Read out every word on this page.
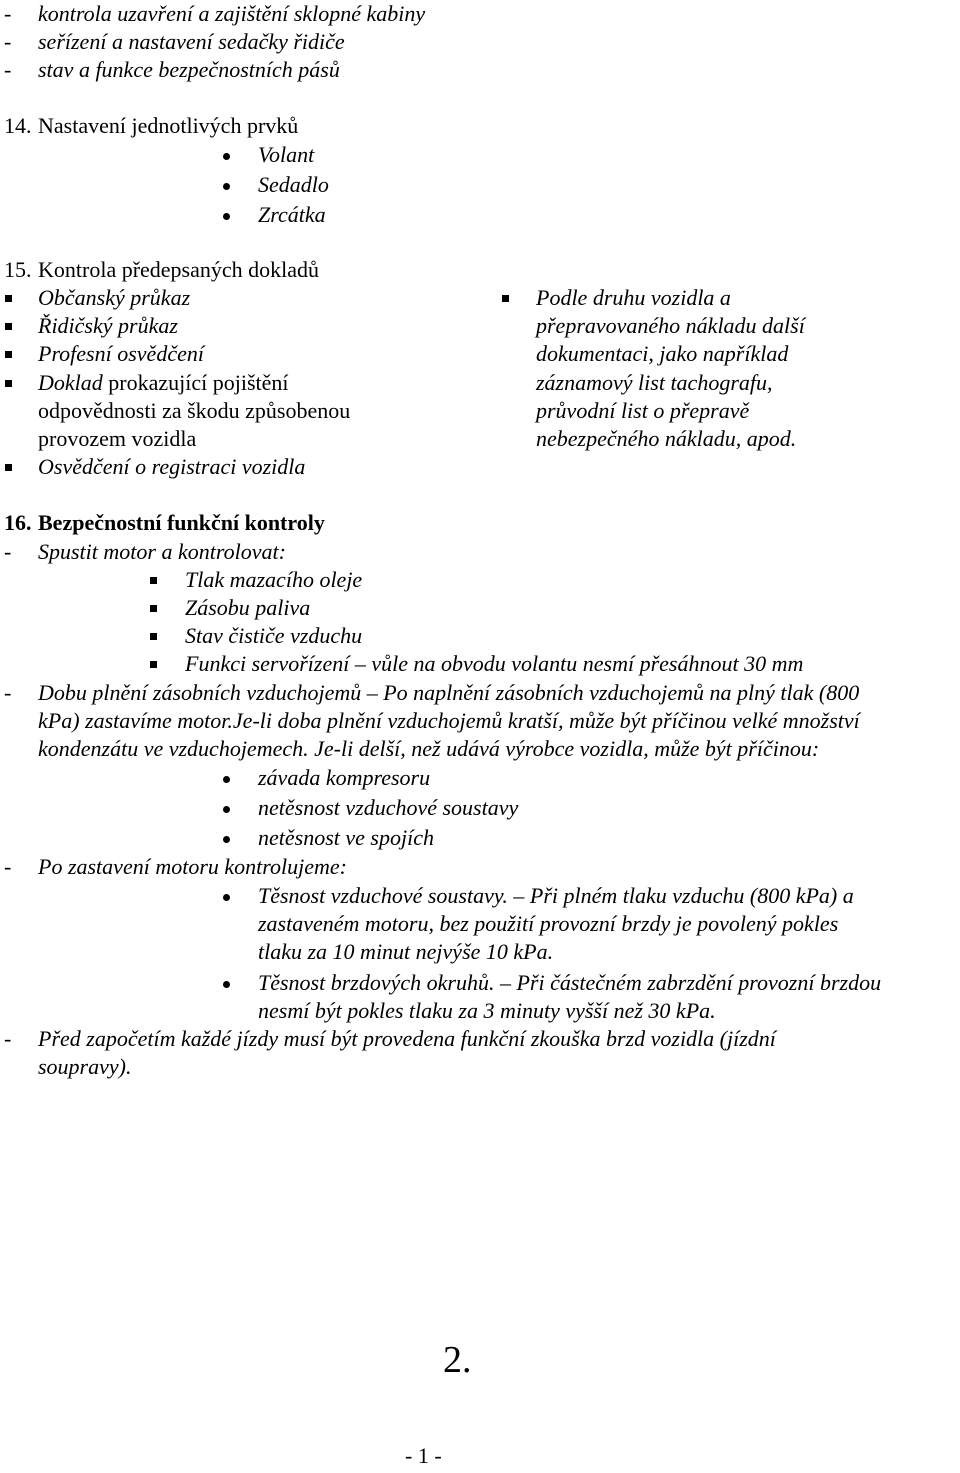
- kontrola uzavření a zajištění sklopné kabiny
- seřízení a nastavení sedačky řidiče
- stav a funkce bezpečnostních pásů
14. Nastavení jednotlivých prvků
Volant
Sedadlo
Zrcátka
15. Kontrola předepsaných dokladů
Občanský průkaz
Řidičský průkaz
Profesní osvědčení
Doklad prokazující pojištění
odpovědnosti za škodu způsobenou
provozem vozidla
Osvědčení o registraci vozidla
Podle druhu vozidla a
přepravovaného nákladu další
dokumentaci, jako například
záznamový list tachografu,
průvodní list o přepravě
nebezpečného nákladu, apod.
16. Bezpečnostní funkční kontroly
- Spustit motor a kontrolovat:
Tlak mazacího oleje
Zásobu paliva
Stav čističe vzduchu
Funkci servořízení – vůle na obvodu volantu nesmí přesáhnout 30 mm
- Dobu plnění zásobních vzduchojemů – Po naplnění zásobních vzduchojemů na plný tlak (800
kPa) zastavíme motor.Je-li doba plnění vzduchojemů kratší, může být příčinou velké množství
kondenzátu ve vzduchojemech. Je-li delší, než udává výrobce vozidla, může být příčinou:
závada kompresoru
netěsnost vzduchové soustavy
netěsnost ve spojích
- Po zastavení motoru kontrolujeme:
Těsnost vzduchové soustavy. – Při plném tlaku vzduchu (800 kPa) a
zastaveném motoru, bez použití provozní brzdy je povolený pokles
tlaku za 10 minut nejvýše 10 kPa.
Těsnost brzdových okruhů. – Při částečném zabrzdění provozní brzdou
nesmí být pokles tlaku za 3 minuty vyšší než 30 kPa.
- Před započetím každé jízdy musí být provedena funkční zkouška brzd vozidla (jízdní
soupravy).
2.
- 1 -
